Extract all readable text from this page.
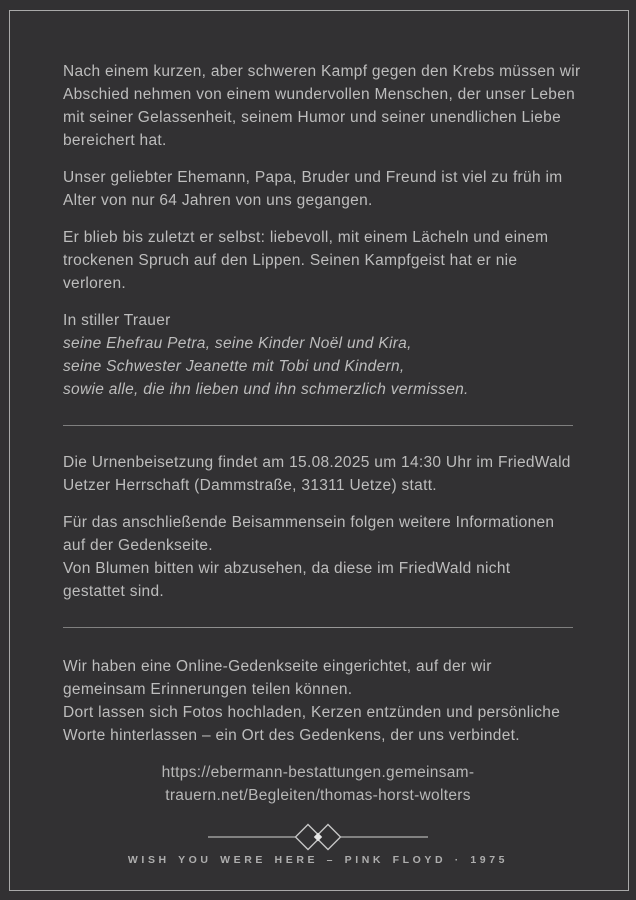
Nach einem kurzen, aber schweren Kampf gegen den Krebs müssen wir
Abschied nehmen von einem wundervollen Menschen, der unser Leben
mit seiner Gelassenheit, seinem Humor und seiner unendlichen Liebe
bereichert hat.
Unser geliebter Ehemann, Papa, Bruder und Freund ist viel zu früh im
Alter von nur 64 Jahren von uns gegangen.
Er blieb bis zuletzt er selbst: liebevoll, mit einem Lächeln und einem
trockenen Spruch auf den Lippen. Seinen Kampfgeist hat er nie
verloren.
In stiller Trauer
seine Ehefrau Petra, seine Kinder Noël und Kira,
seine Schwester Jeanette mit Tobi und Kindern,
sowie alle, die ihn lieben und ihn schmerzlich vermissen.
Die Urnenbeisetzung findet am 15.08.2025 um 14:30 Uhr im FriedWald
Uetzer Herrschaft (Dammstraße, 31311 Uetze) statt.
Für das anschließende Beisammensein folgen weitere Informationen
auf der Gedenkseite.
Von Blumen bitten wir abzusehen, da diese im FriedWald nicht
gestattet sind.
Wir haben eine Online-Gedenkseite eingerichtet, auf der wir
gemeinsam Erinnerungen teilen können.
Dort lassen sich Fotos hochladen, Kerzen entzünden und persönliche
Worte hinterlassen – ein Ort des Gedenkens, der uns verbindet.
https://ebermann-bestattungen.gemeinsam-
trauern.net/Begleiten/thomas-horst-wolters
WISH YOU WERE HERE – PINK FLOYD · 1975
